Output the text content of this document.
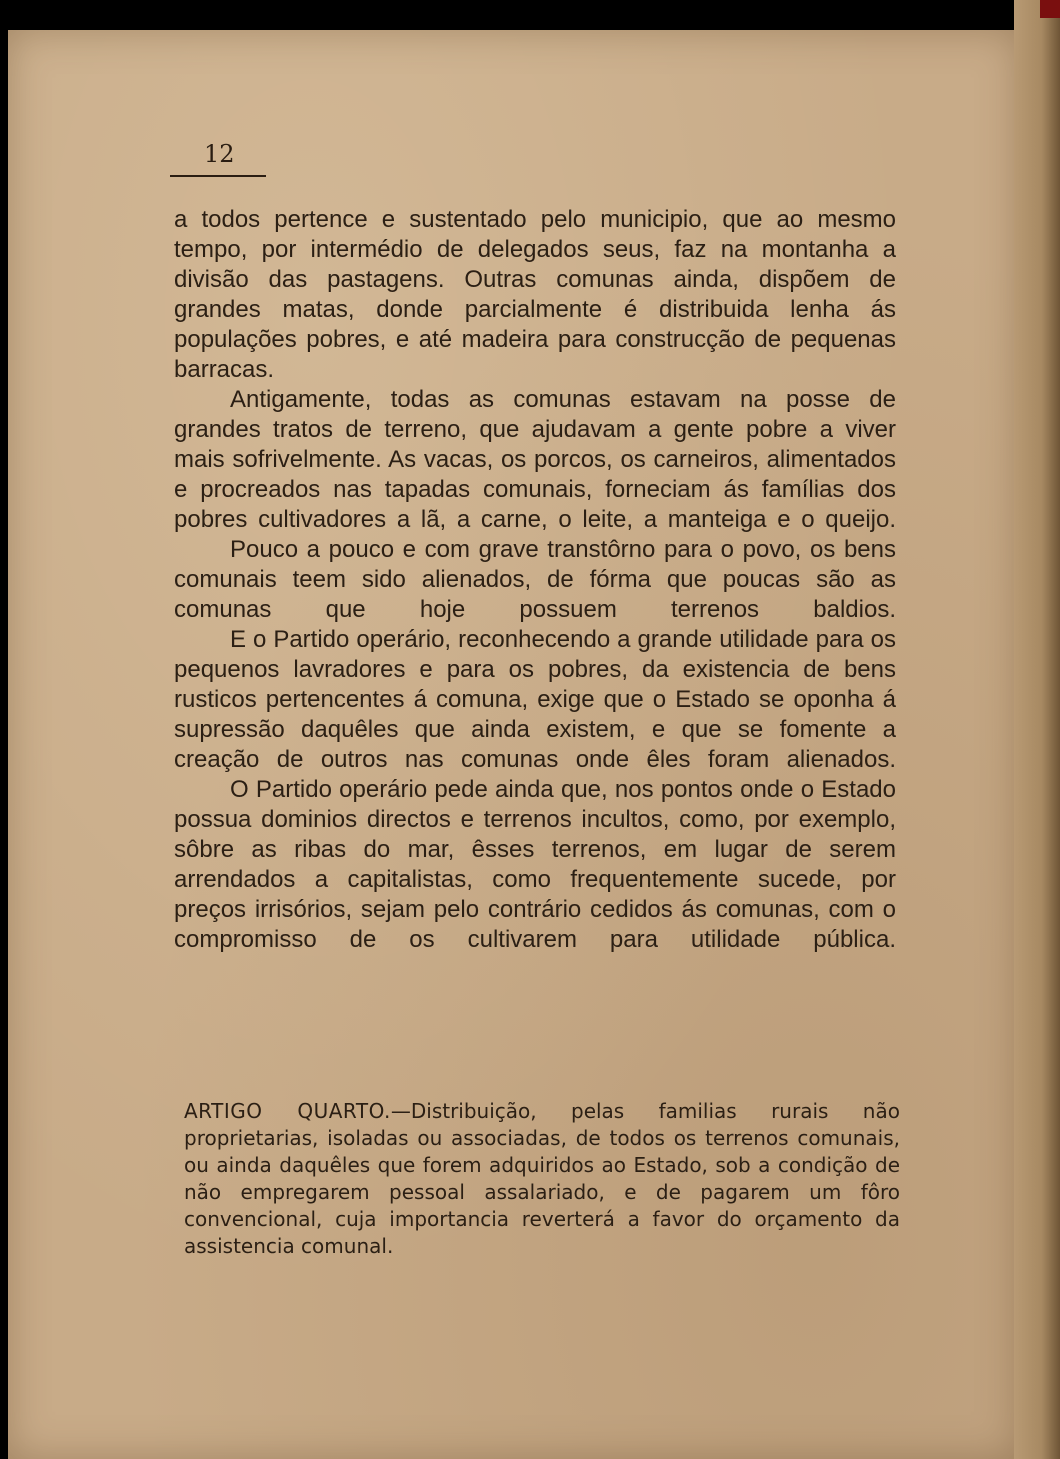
12

a todos pertence e sustentado pelo municipio, que ao mesmo tempo, por intermédio de delegados seus, faz na montanha a divisão das pastagens. Outras comunas ainda, dispõem de grandes matas, donde parcialmente é distribuida lenha ás populações pobres, e até madeira para construcção de pequenas barracas.

Antigamente, todas as comunas estavam na posse de grandes tratos de terreno, que ajudavam a gente pobre a viver mais sofrivelmente. As vacas, os porcos, os carneiros, alimentados e procreados nas tapadas comunais, forneciam ás famílias dos pobres cultivadores a lã, a carne, o leite, a manteiga e o queijo.

Pouco a pouco e com grave transtôrno para o povo, os bens comunais teem sido alienados, de fórma que poucas são as comunas que hoje possuem terrenos baldios.

E o Partido operário, reconhecendo a grande utilidade para os pequenos lavradores e para os pobres, da existencia de bens rusticos pertencentes á comuna, exige que o Estado se oponha á supressão daquêles que ainda existem, e que se fomente a creação de outros nas comunas onde êles foram alienados.

O Partido operário pede ainda que, nos pontos onde o Estado possua dominios directos e terrenos incultos, como, por exemplo, sôbre as ribas do mar, êsses terrenos, em lugar de serem arrendados a capitalistas, como frequentemente sucede, por preços irrisórios, sejam pelo contrário cedidos ás comunas, com o compromisso de os cultivarem para utilidade pública.

ARTIGO QUARTO.—Distribuição, pelas familias rurais não proprietarias, isoladas ou associadas, de todos os terrenos comunais, ou ainda daquêles que forem adquiridos ao Estado, sob a condição de não empregarem pessoal assalariado, e de pagarem um fôro convencional, cuja importancia reverterá a favor do orçamento da assistencia comunal.
